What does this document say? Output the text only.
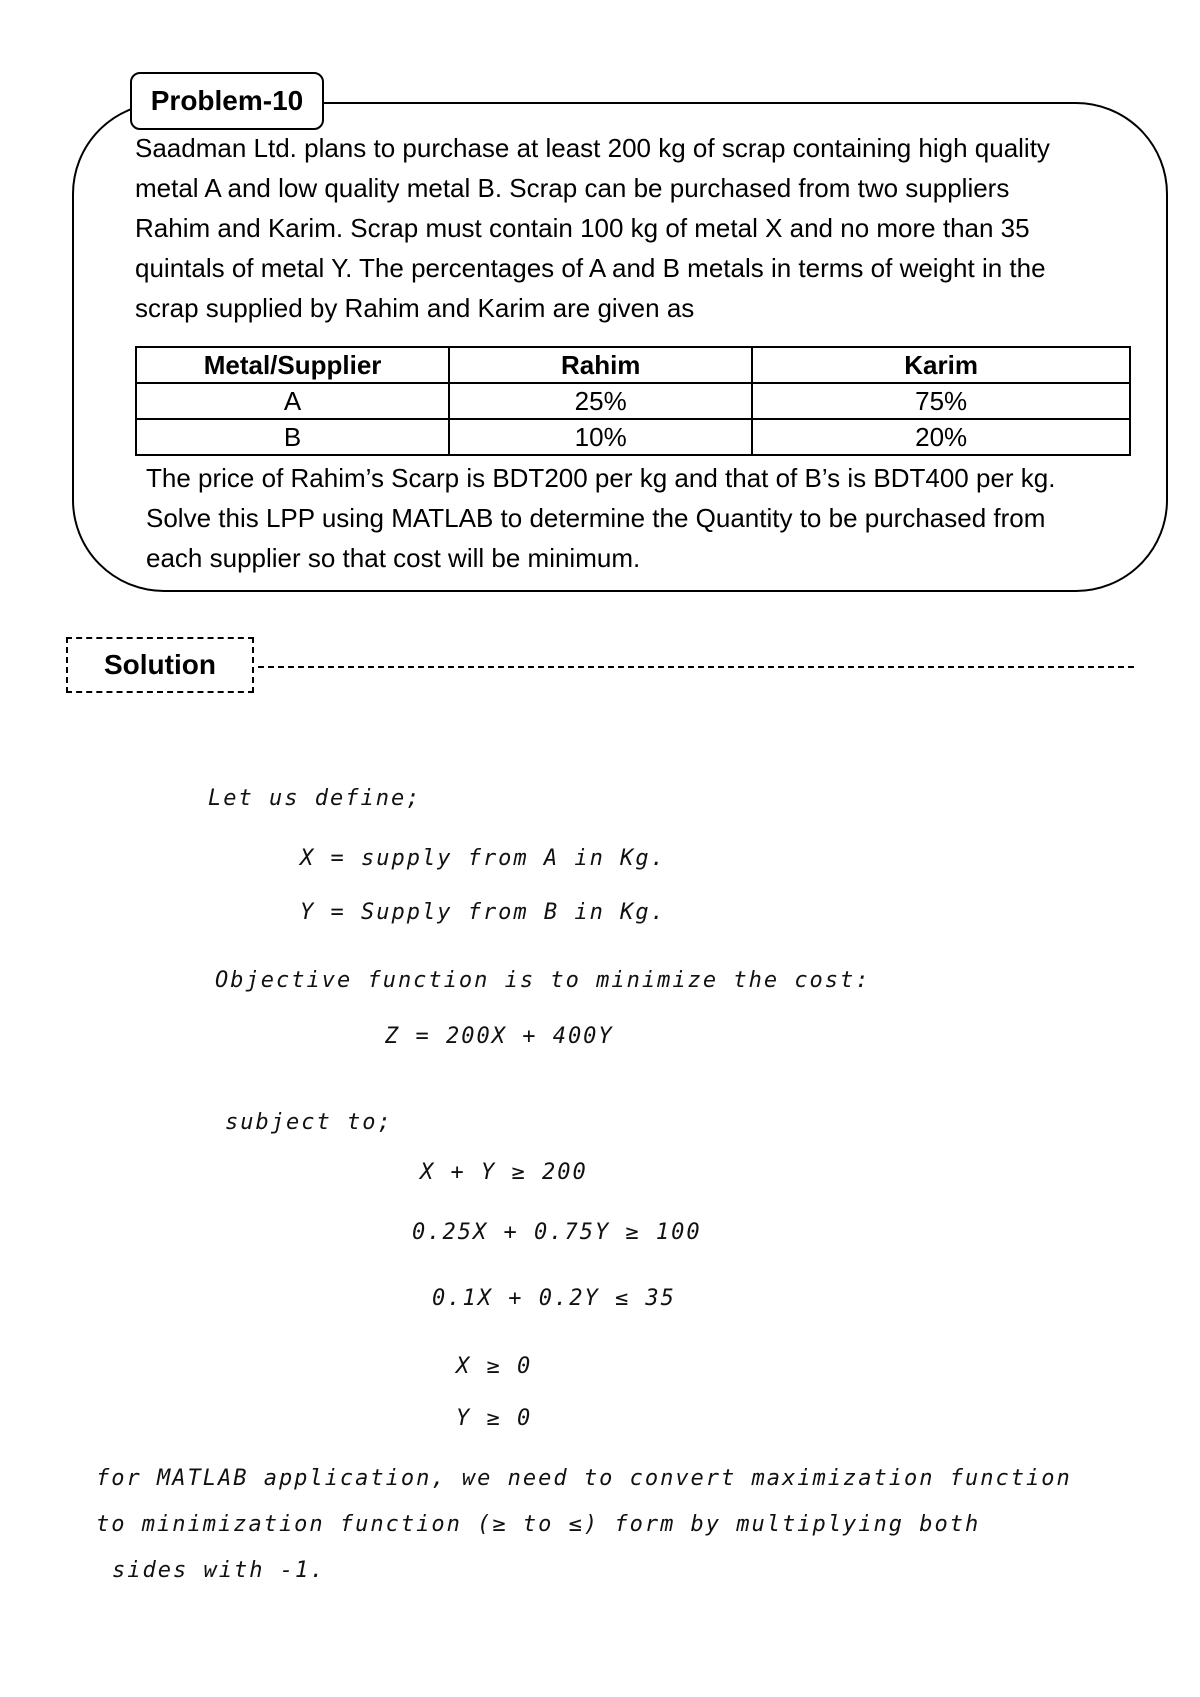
Problem-10
Saadman Ltd. plans to purchase at least 200 kg of scrap containing high quality
metal A and low quality metal B. Scrap can be purchased from two suppliers
Rahim and Karim. Scrap must contain 100 kg of metal X and no more than 35
quintals of metal Y. The percentages of A and B metals in terms of weight in the
scrap supplied by Rahim and Karim are given as
Metal/Supplier	Rahim	Karim
A	25%	75%
B	10%	20%
The price of Rahim’s Scarp is BDT200 per kg and that of B’s is BDT400 per kg.
Solve this LPP using MATLAB to determine the Quantity to be purchased from
each supplier so that cost will be minimum.
Solution
Let us define;
X = supply from A in Kg.
Y = Supply from B in Kg.
Objective function is to minimize the cost:
Z = 200X + 400Y
subject to;
X + Y ≥ 200
0.25X + 0.75Y ≥ 100
0.1X + 0.2Y ≤ 35
X ≥ 0
Y ≥ 0
for MATLAB application, we need to convert maximization function
to minimization function (≥ to ≤) form by multiplying both
sides with -1.
